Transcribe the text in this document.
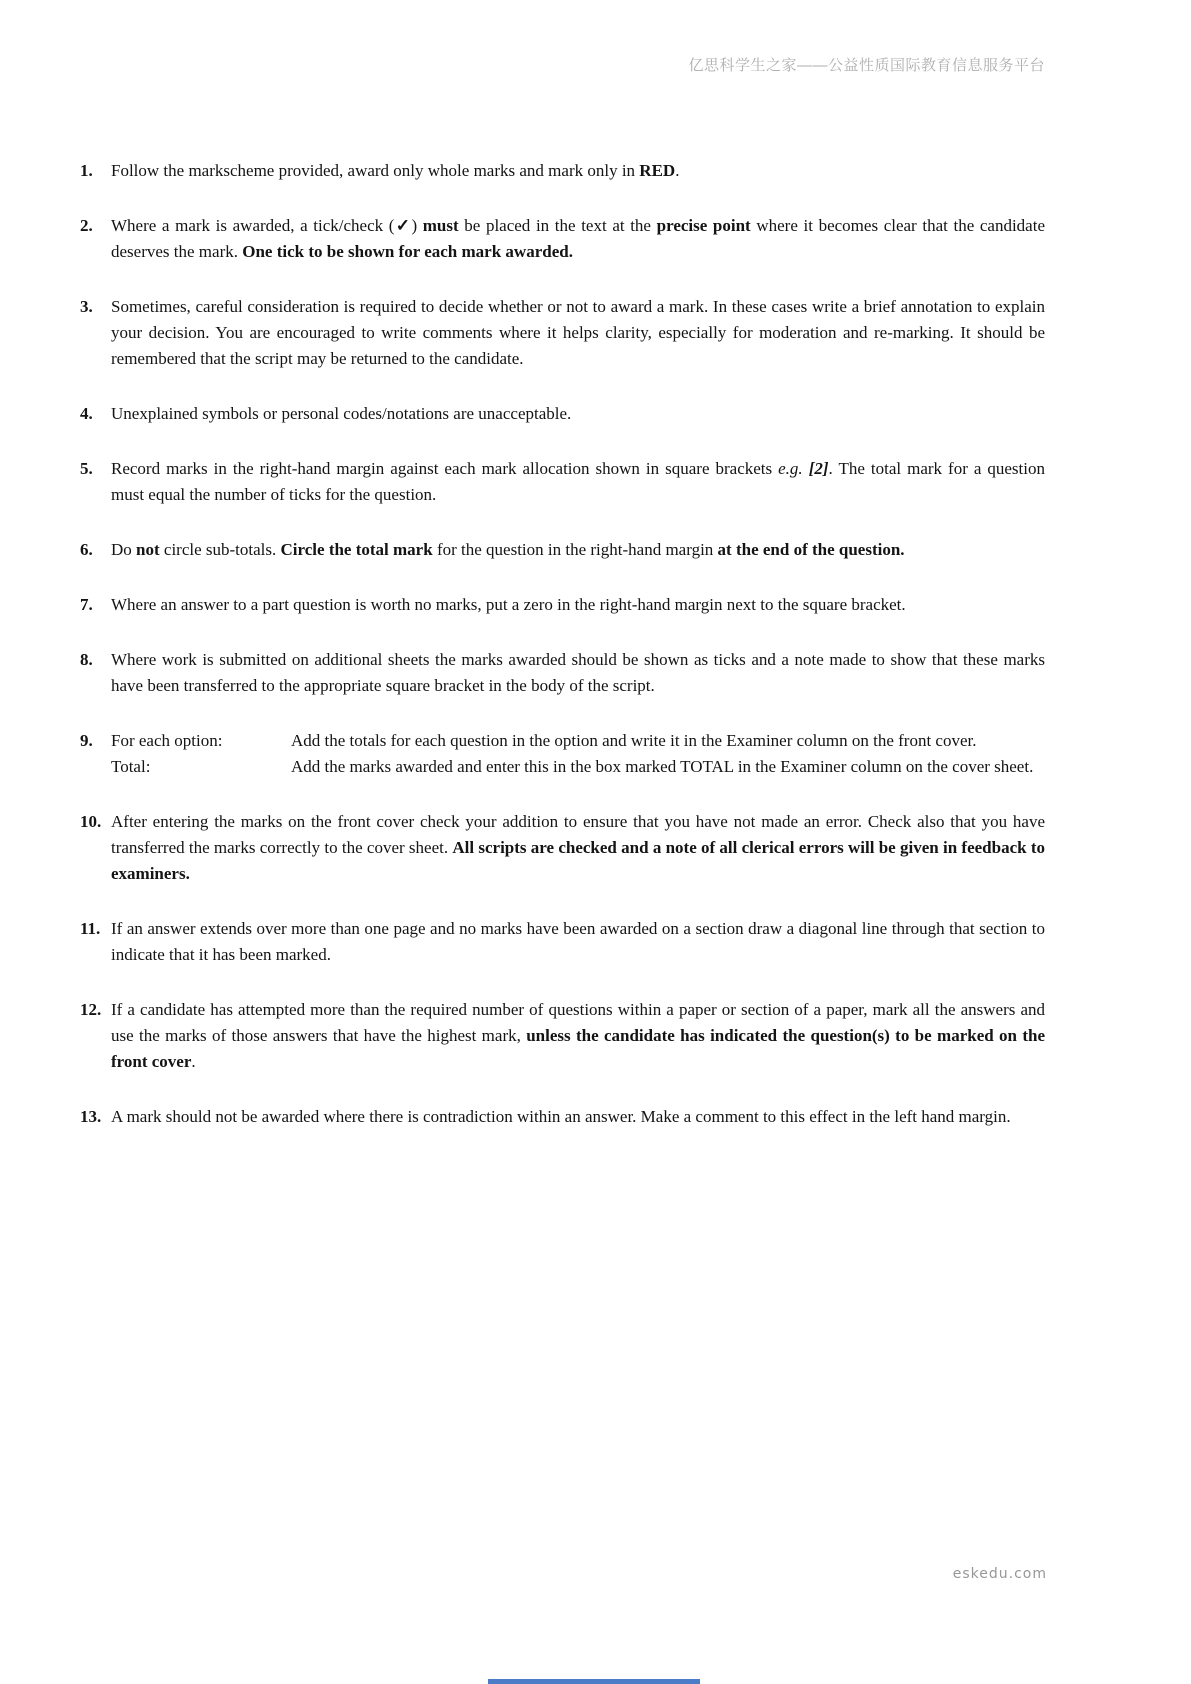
亿思科学生之家——公益性质国际教育信息服务平台
1.	Follow the markscheme provided, award only whole marks and mark only in RED.
2.	Where a mark is awarded, a tick/check (✓) must be placed in the text at the precise point where it becomes clear that the candidate deserves the mark. One tick to be shown for each mark awarded.
3.	Sometimes, careful consideration is required to decide whether or not to award a mark. In these cases write a brief annotation to explain your decision. You are encouraged to write comments where it helps clarity, especially for moderation and re-marking. It should be remembered that the script may be returned to the candidate.
4.	Unexplained symbols or personal codes/notations are unacceptable.
5.	Record marks in the right-hand margin against each mark allocation shown in square brackets e.g. [2]. The total mark for a question must equal the number of ticks for the question.
6.	Do not circle sub-totals. Circle the total mark for the question in the right-hand margin at the end of the question.
7.	Where an answer to a part question is worth no marks, put a zero in the right-hand margin next to the square bracket.
8.	Where work is submitted on additional sheets the marks awarded should be shown as ticks and a note made to show that these marks have been transferred to the appropriate square bracket in the body of the script.
9.	For each option:	Add the totals for each question in the option and write it in the Examiner column on the front cover.
Total:	Add the marks awarded and enter this in the box marked TOTAL in the Examiner column on the cover sheet.
10. After entering the marks on the front cover check your addition to ensure that you have not made an error. Check also that you have transferred the marks correctly to the cover sheet. All scripts are checked and a note of all clerical errors will be given in feedback to examiners.
11. If an answer extends over more than one page and no marks have been awarded on a section draw a diagonal line through that section to indicate that it has been marked.
12. If a candidate has attempted more than the required number of questions within a paper or section of a paper, mark all the answers and use the marks of those answers that have the highest mark, unless the candidate has indicated the question(s) to be marked on the front cover.
13. A mark should not be awarded where there is contradiction within an answer. Make a comment to this effect in the left hand margin.
eskedu.com
